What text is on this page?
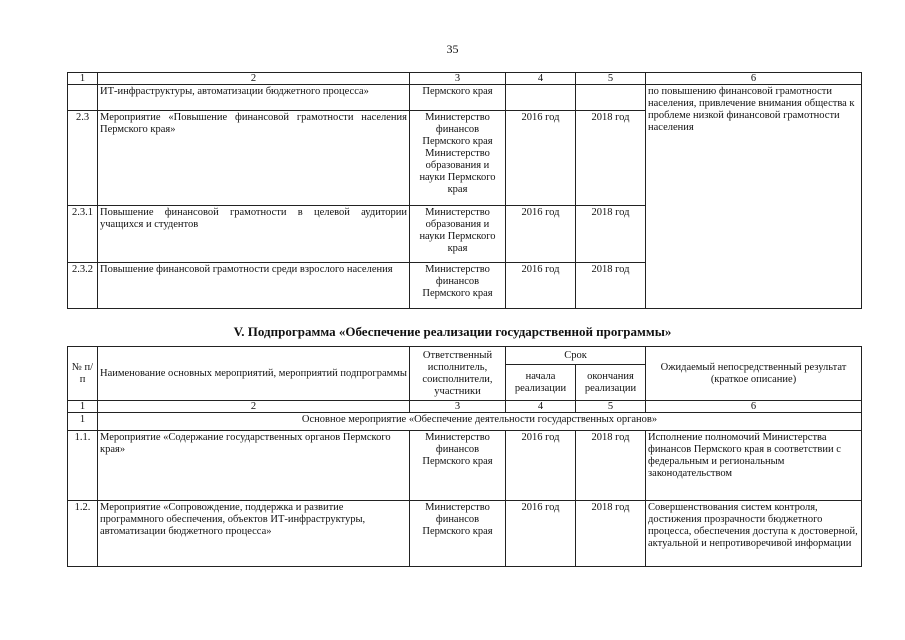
35
1	2	3	4	5	6
	ИТ-инфраструктуры, автоматизации бюджетного процесса»	Пермского края			по повышению финансовой грамотности населения, привлечение внимания общества к проблеме низкой финансовой грамотности населения
2.3	Мероприятие «Повышение финансовой грамотности населения Пермского края»	Министерство финансов Пермского края Министерство образования и науки Пермского края	2016 год	2018 год	
2.3.1	Повышение финансовой грамотности в целевой аудитории учащихся и студентов	Министерство образования и науки Пермского края	2016 год	2018 год	
2.3.2	Повышение финансовой грамотности среди взрослого населения	Министерство финансов Пермского края	2016 год	2018 год	
V. Подпрограмма «Обеспечение реализации государственной программы»
№ п/п	Наименование основных мероприятий, мероприятий подпрограммы	Ответственный исполнитель, соисполнители, участники	Срок		Ожидаемый непосредственный результат (краткое описание)
			начала реализации	окончания реализации	
1	2	3	4	5	6
1	Основное мероприятие «Обеспечение деятельности государственных органов»				
1.1.	Мероприятие «Содержание государственных органов Пермского края»	Министерство финансов Пермского края	2016 год	2018 год	Исполнение полномочий Министерства финансов Пермского края в соответствии с федеральным и региональным законодательством
1.2.	Мероприятие «Сопровождение, поддержка и развитие программного обеспечения, объектов ИТ-инфраструктуры, автоматизации бюджетного процесса»	Министерство финансов Пермского края	2016 год	2018 год	Совершенствования систем контроля, достижения прозрачности бюджетного процесса, обеспечения доступа к достоверной, актуальной и непротиворечивой информации
